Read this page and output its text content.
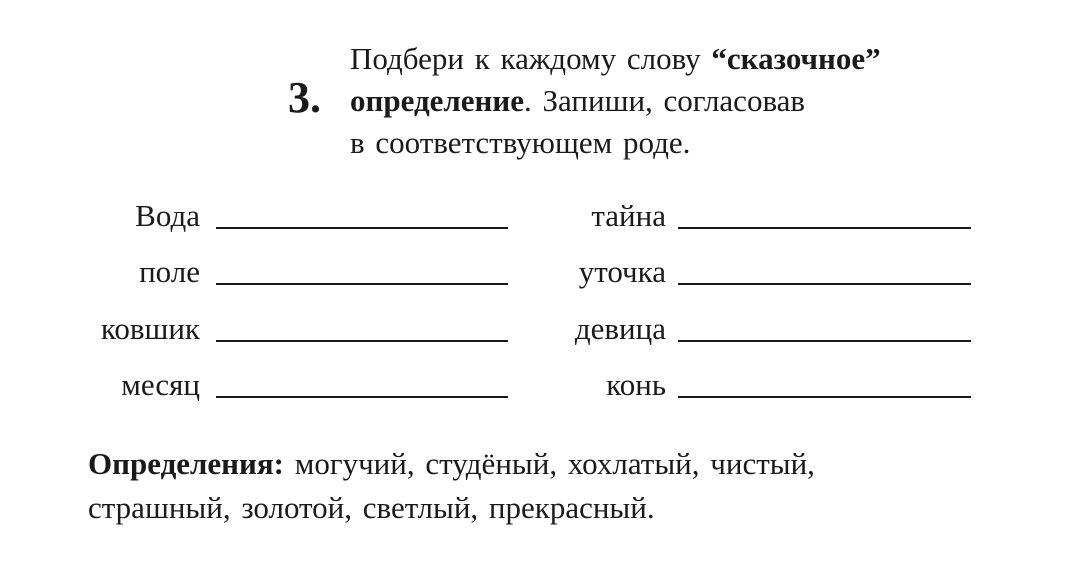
3.
Подбери к каждому слову “сказочное”
определение. Запиши, согласовав
в соответствующем роде.
Вода	тайна
поле	уточка
ковшик	девица
месяц	конь
Определения: могучий, студёный, хохлатый, чистый,
страшный, золотой, светлый, прекрасный.
